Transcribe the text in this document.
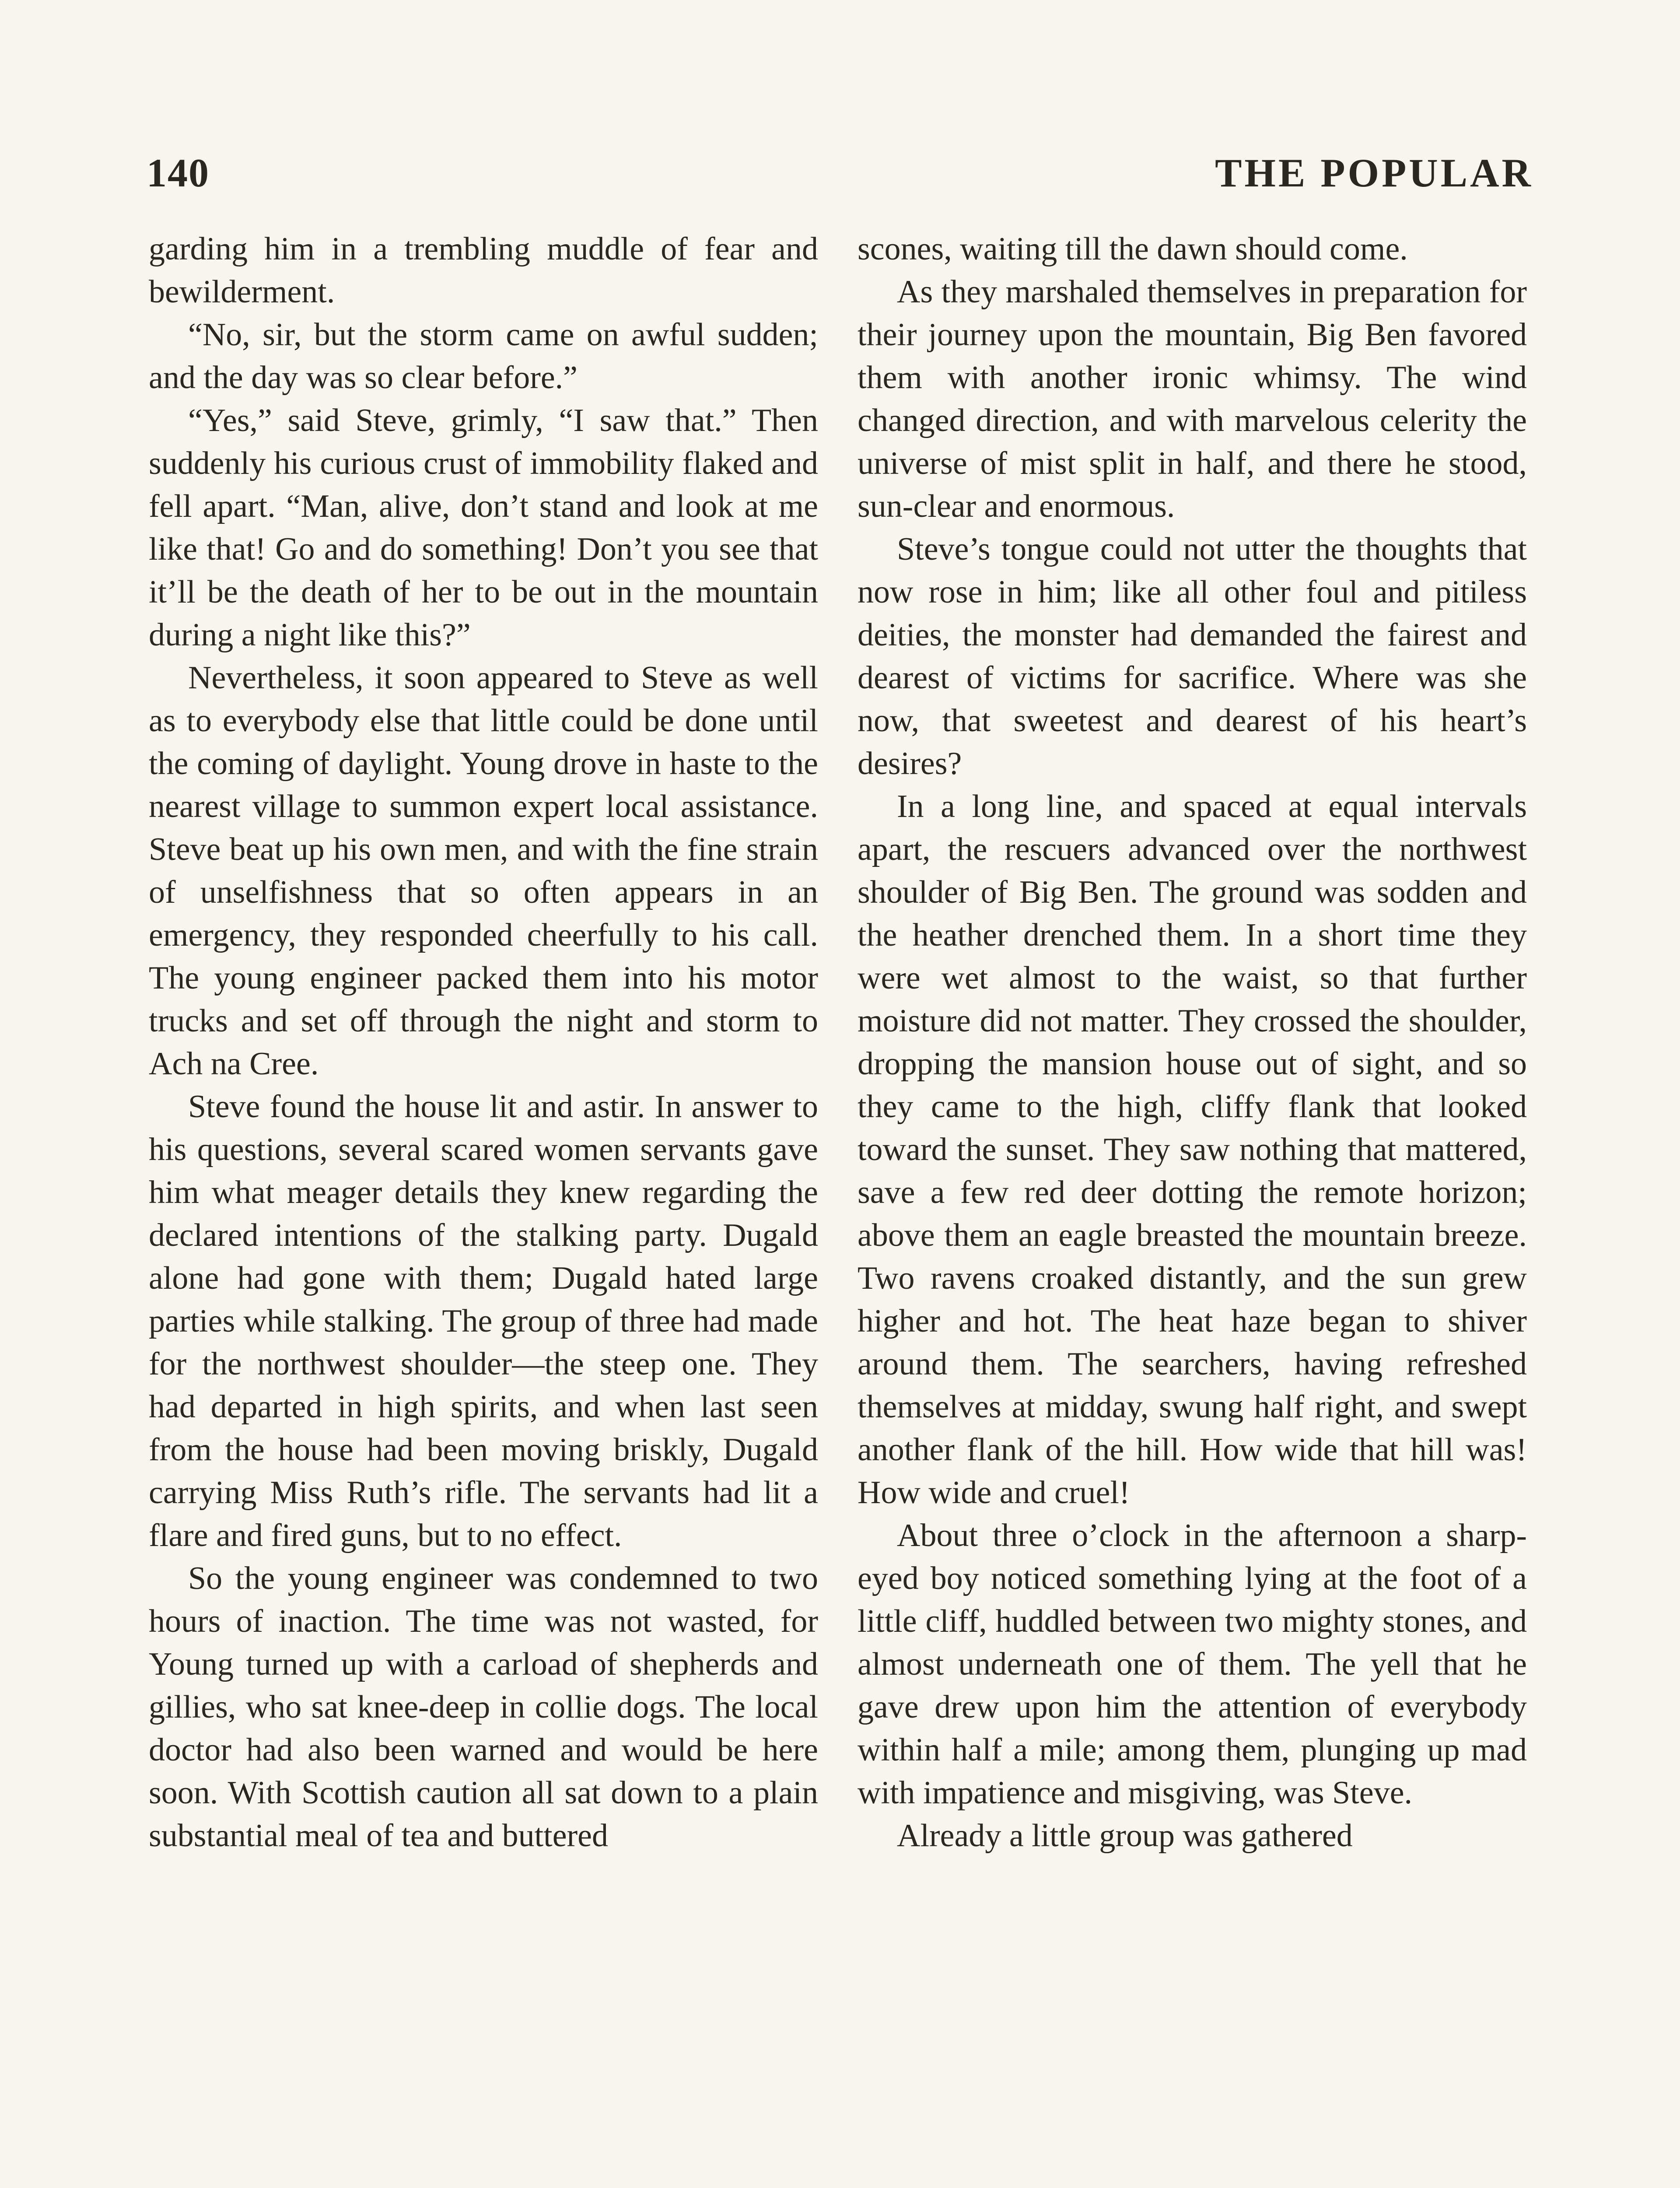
140	THE POPULAR

garding him in a trembling muddle of fear and bewilderment.

“No, sir, but the storm came on awful sudden; and the day was so clear before.”

“Yes,” said Steve, grimly, “I saw that.” Then suddenly his curious crust of immobility flaked and fell apart. “Man, alive, don’t stand and look at me like that! Go and do something! Don’t you see that it’ll be the death of her to be out in the mountain during a night like this?”

Nevertheless, it soon appeared to Steve as well as to everybody else that little could be done until the coming of daylight. Young drove in haste to the nearest village to summon expert local assistance. Steve beat up his own men, and with the fine strain of unselfishness that so often appears in an emergency, they responded cheerfully to his call. The young engineer packed them into his motor trucks and set off through the night and storm to Ach na Cree.

Steve found the house lit and astir. In answer to his questions, several scared women servants gave him what meager details they knew regarding the declared intentions of the stalking party. Dugald alone had gone with them; Dugald hated large parties while stalking. The group of three had made for the northwest shoulder—the steep one. They had departed in high spirits, and when last seen from the house had been moving briskly, Dugald carrying Miss Ruth’s rifle. The servants had lit a flare and fired guns, but to no effect.

So the young engineer was condemned to two hours of inaction. The time was not wasted, for Young turned up with a carload of shepherds and gillies, who sat knee-deep in collie dogs. The local doctor had also been warned and would be here soon. With Scottish caution all sat down to a plain substantial meal of tea and buttered

scones, waiting till the dawn should come.

As they marshaled themselves in preparation for their journey upon the mountain, Big Ben favored them with another ironic whimsy. The wind changed direction, and with marvelous celerity the universe of mist split in half, and there he stood, sun-clear and enormous.

Steve’s tongue could not utter the thoughts that now rose in him; like all other foul and pitiless deities, the monster had demanded the fairest and dearest of victims for sacrifice. Where was she now, that sweetest and dearest of his heart’s desires?

In a long line, and spaced at equal intervals apart, the rescuers advanced over the northwest shoulder of Big Ben. The ground was sodden and the heather drenched them. In a short time they were wet almost to the waist, so that further moisture did not matter. They crossed the shoulder, dropping the mansion house out of sight, and so they came to the high, cliffy flank that looked toward the sunset. They saw nothing that mattered, save a few red deer dotting the remote horizon; above them an eagle breasted the mountain breeze. Two ravens croaked distantly, and the sun grew higher and hot. The heat haze began to shiver around them. The searchers, having refreshed themselves at midday, swung half right, and swept another flank of the hill. How wide that hill was! How wide and cruel!

About three o’clock in the afternoon a sharp-eyed boy noticed something lying at the foot of a little cliff, huddled between two mighty stones, and almost underneath one of them. The yell that he gave drew upon him the attention of everybody within half a mile; among them, plunging up mad with impatience and misgiving, was Steve.

Already a little group was gathered
